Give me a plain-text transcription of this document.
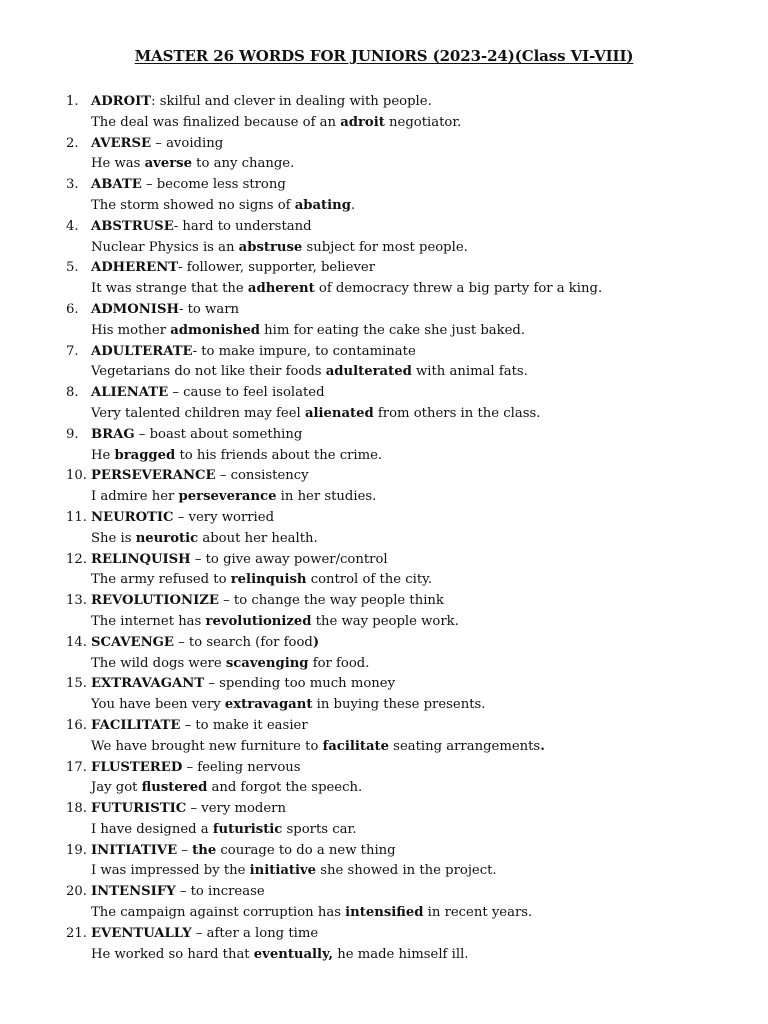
MASTER 26 WORDS FOR JUNIORS (2023-24)(Class VI-VIII)
1. ADROIT: skilful and clever in dealing with people.
The deal was finalized because of an adroit negotiator.
2. AVERSE – avoiding
He was averse to any change.
3. ABATE – become less strong
The storm showed no signs of abating.
4. ABSTRUSE- hard to understand
Nuclear Physics is an abstruse subject for most people.
5. ADHERENT- follower, supporter, believer
It was strange that the adherent of democracy threw a big party for a king.
6. ADMONISH- to warn
His mother admonished him for eating the cake she just baked.
7. ADULTERATE- to make impure, to contaminate
Vegetarians do not like their foods adulterated with animal fats.
8. ALIENATE – cause to feel isolated
Very talented children may feel alienated from others in the class.
9. BRAG – boast about something
He bragged to his friends about the crime.
10. PERSEVERANCE – consistency
I admire her perseverance in her studies.
11. NEUROTIC – very worried
She is neurotic about her health.
12. RELINQUISH – to give away power/control
The army refused to relinquish control of the city.
13. REVOLUTIONIZE – to change the way people think
The internet has revolutionized the way people work.
14. SCAVENGE – to search (for food)
The wild dogs were scavenging for food.
15. EXTRAVAGANT – spending too much money
You have been very extravagant in buying these presents.
16. FACILITATE – to make it easier
We have brought new furniture to facilitate seating arrangements.
17. FLUSTERED – feeling nervous
Jay got flustered and forgot the speech.
18. FUTURISTIC – very modern
I have designed a futuristic sports car.
19. INITIATIVE – the courage to do a new thing
I was impressed by the initiative she showed in the project.
20. INTENSIFY – to increase
The campaign against corruption has intensified in recent years.
21. EVENTUALLY – after a long time
He worked so hard that eventually, he made himself ill.
